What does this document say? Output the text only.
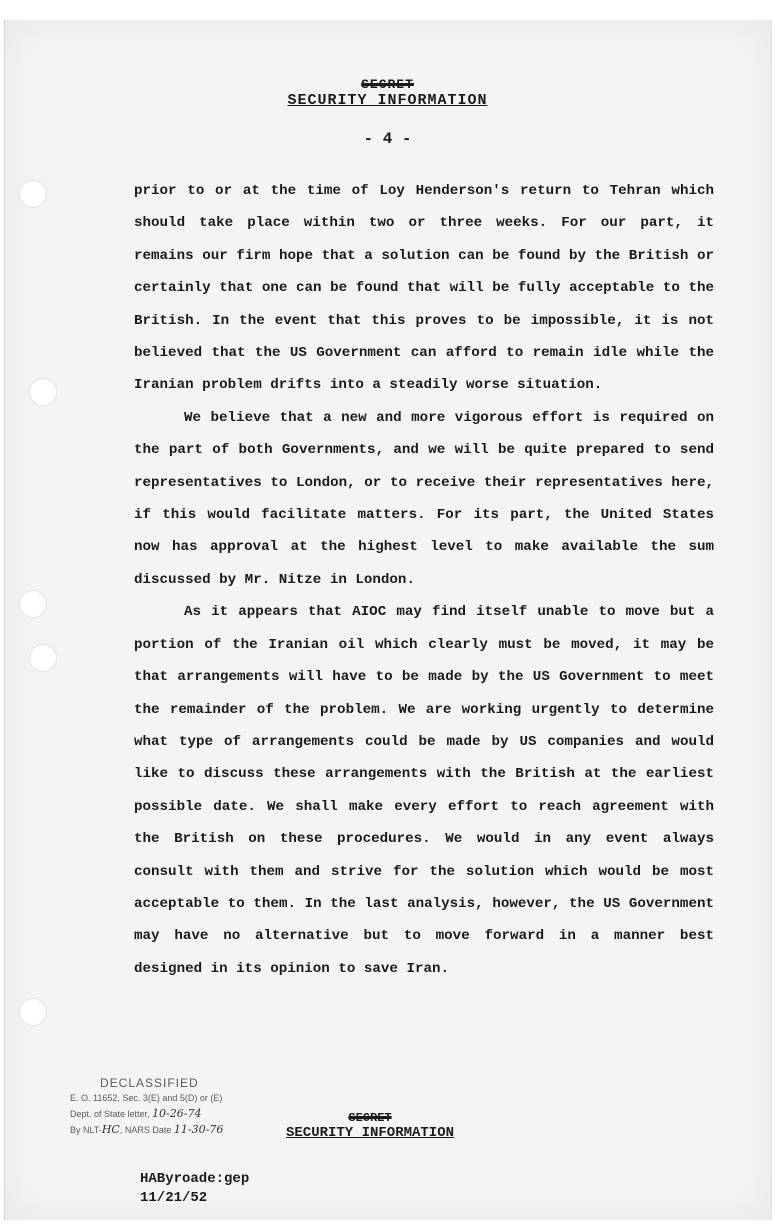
SECRET
SECURITY INFORMATION
- 4 -

prior to or at the time of Loy Henderson's return to Tehran which should take place within two or three weeks. For our part, it remains our firm hope that a solution can be found by the British or certainly that one can be found that will be fully acceptable to the British. In the event that this proves to be impossible, it is not believed that the US Government can afford to remain idle while the Iranian problem drifts into a steadily worse situation.

We believe that a new and more vigorous effort is required on the part of both Governments, and we will be quite prepared to send representatives to London, or to receive their representatives here, if this would facilitate matters. For its part, the United States now has approval at the highest level to make available the sum discussed by Mr. Nitze in London.

As it appears that AIOC may find itself unable to move but a portion of the Iranian oil which clearly must be moved, it may be that arrangements will have to be made by the US Government to meet the remainder of the problem. We are working urgently to determine what type of arrangements could be made by US companies and would like to discuss these arrangements with the British at the earliest possible date. We shall make every effort to reach agreement with the British on these procedures. We would in any event always consult with them and strive for the solution which would be most acceptable to them. In the last analysis, however, the US Government may have no alternative but to move forward in a manner best designed in its opinion to save Iran.

DECLASSIFIED
E. O. 11652, Sec. 3(E) and 5(D) or (E)
Dept. of State letter, 10-26-74
By NLT-HC, NARS Date 11-30-76
SECRET
SECURITY INFORMATION
HAByroade:gep
11/21/52
